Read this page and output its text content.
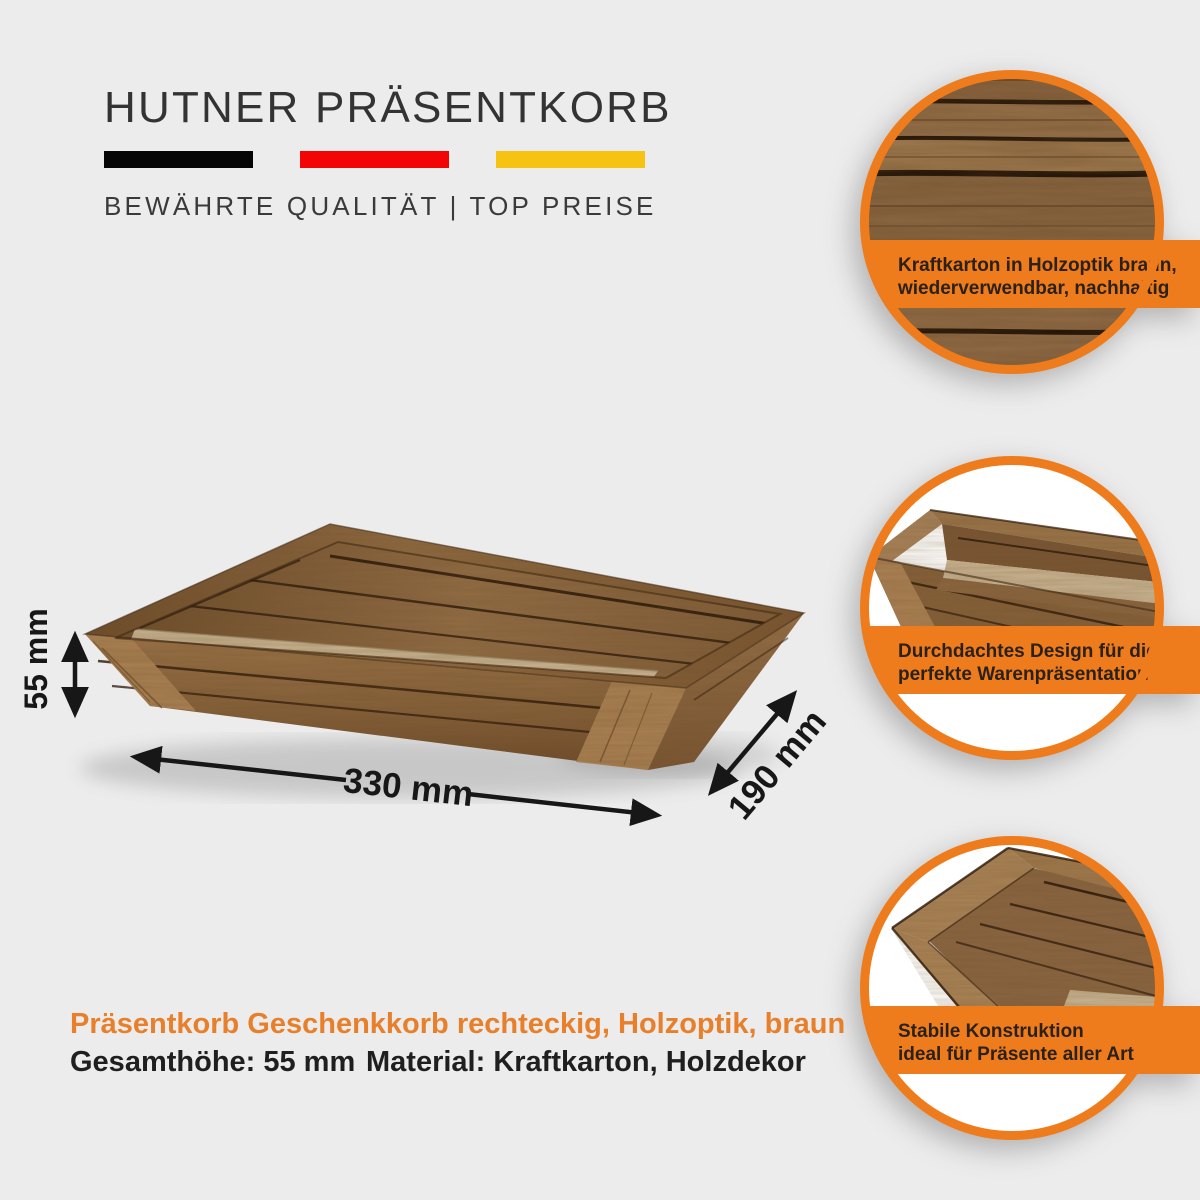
HUTNER PRÄSENTKORB

BEWÄHRTE QUALITÄT | TOP PREISE

55 mm
330 mm	190 mm
Kraftkarton in Holzoptik braun,
wiederverwendbar, nachhaltig
Durchdachtes Design für die
perfekte Warenpräsentation
Stabile Konstruktion
ideal für Präsente aller Art
Präsentkorb Geschenkkorb rechteckig, Holzoptik, braun
Gesamthöhe: 55 mm Material: Kraftkarton, Holzdekor
